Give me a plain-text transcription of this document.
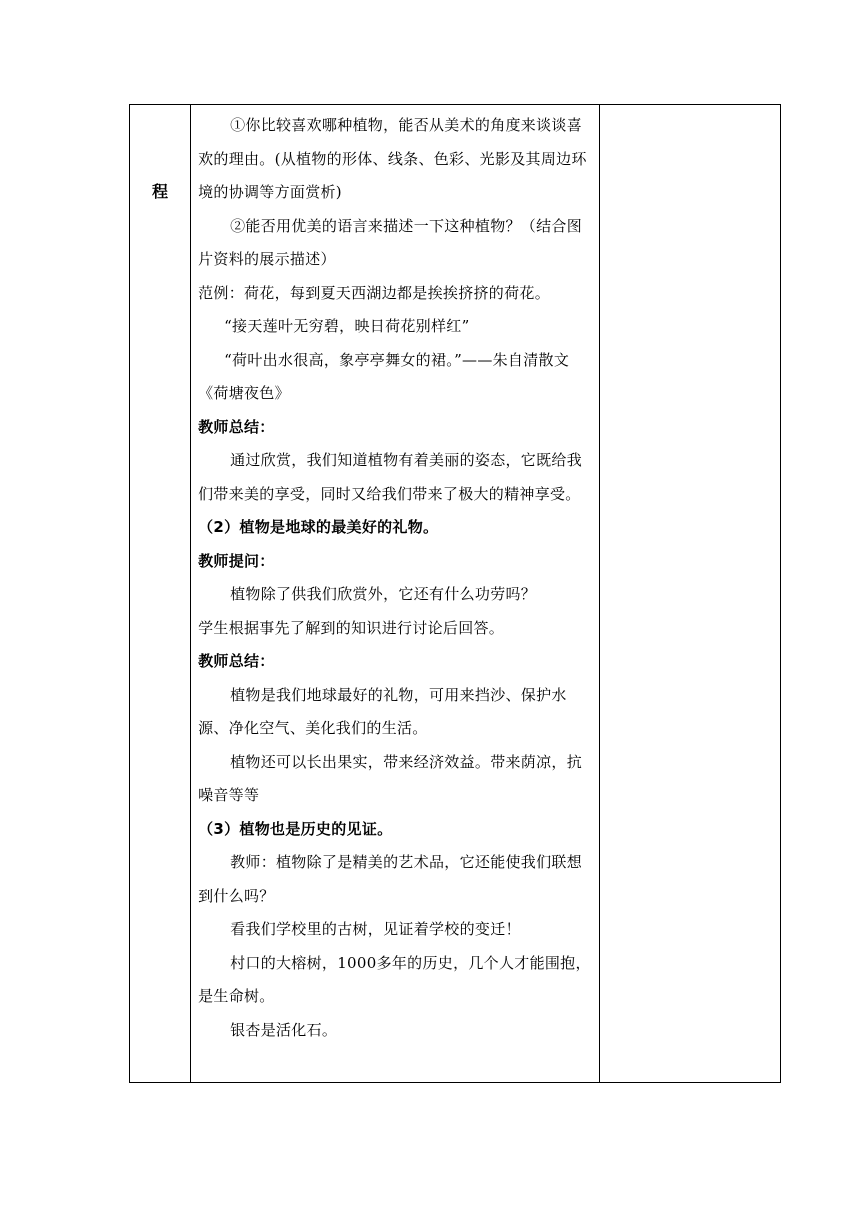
程

①你比较喜欢哪种植物，能否从美术的角度来谈谈喜欢的理由。(从植物的形体、线条、色彩、光影及其周边环境的协调等方面赏析)

②能否用优美的语言来描述一下这种植物？（结合图片资料的展示描述）

范例：荷花，每到夏天西湖边都是挨挨挤挤的荷花。

“接天莲叶无穷碧，映日荷花别样红”

“荷叶出水很高，象亭亭舞女的裙。”——朱自清散文《荷塘夜色》

教师总结：

通过欣赏，我们知道植物有着美丽的姿态，它既给我们带来美的享受，同时又给我们带来了极大的精神享受。

（2）植物是地球的最美好的礼物。

教师提问：

植物除了供我们欣赏外，它还有什么功劳吗？
学生根据事先了解到的知识进行讨论后回答。

教师总结：

植物是我们地球最好的礼物，可用来挡沙、保护水源、净化空气、美化我们的生活。

植物还可以长出果实，带来经济效益。带来荫凉，抗噪音等等

（3）植物也是历史的见证。

教师：植物除了是精美的艺术品，它还能使我们联想到什么吗？

看我们学校里的古树，见证着学校的变迁！

村口的大榕树，1000多年的历史，几个人才能围抱，是生命树。

银杏是活化石。
